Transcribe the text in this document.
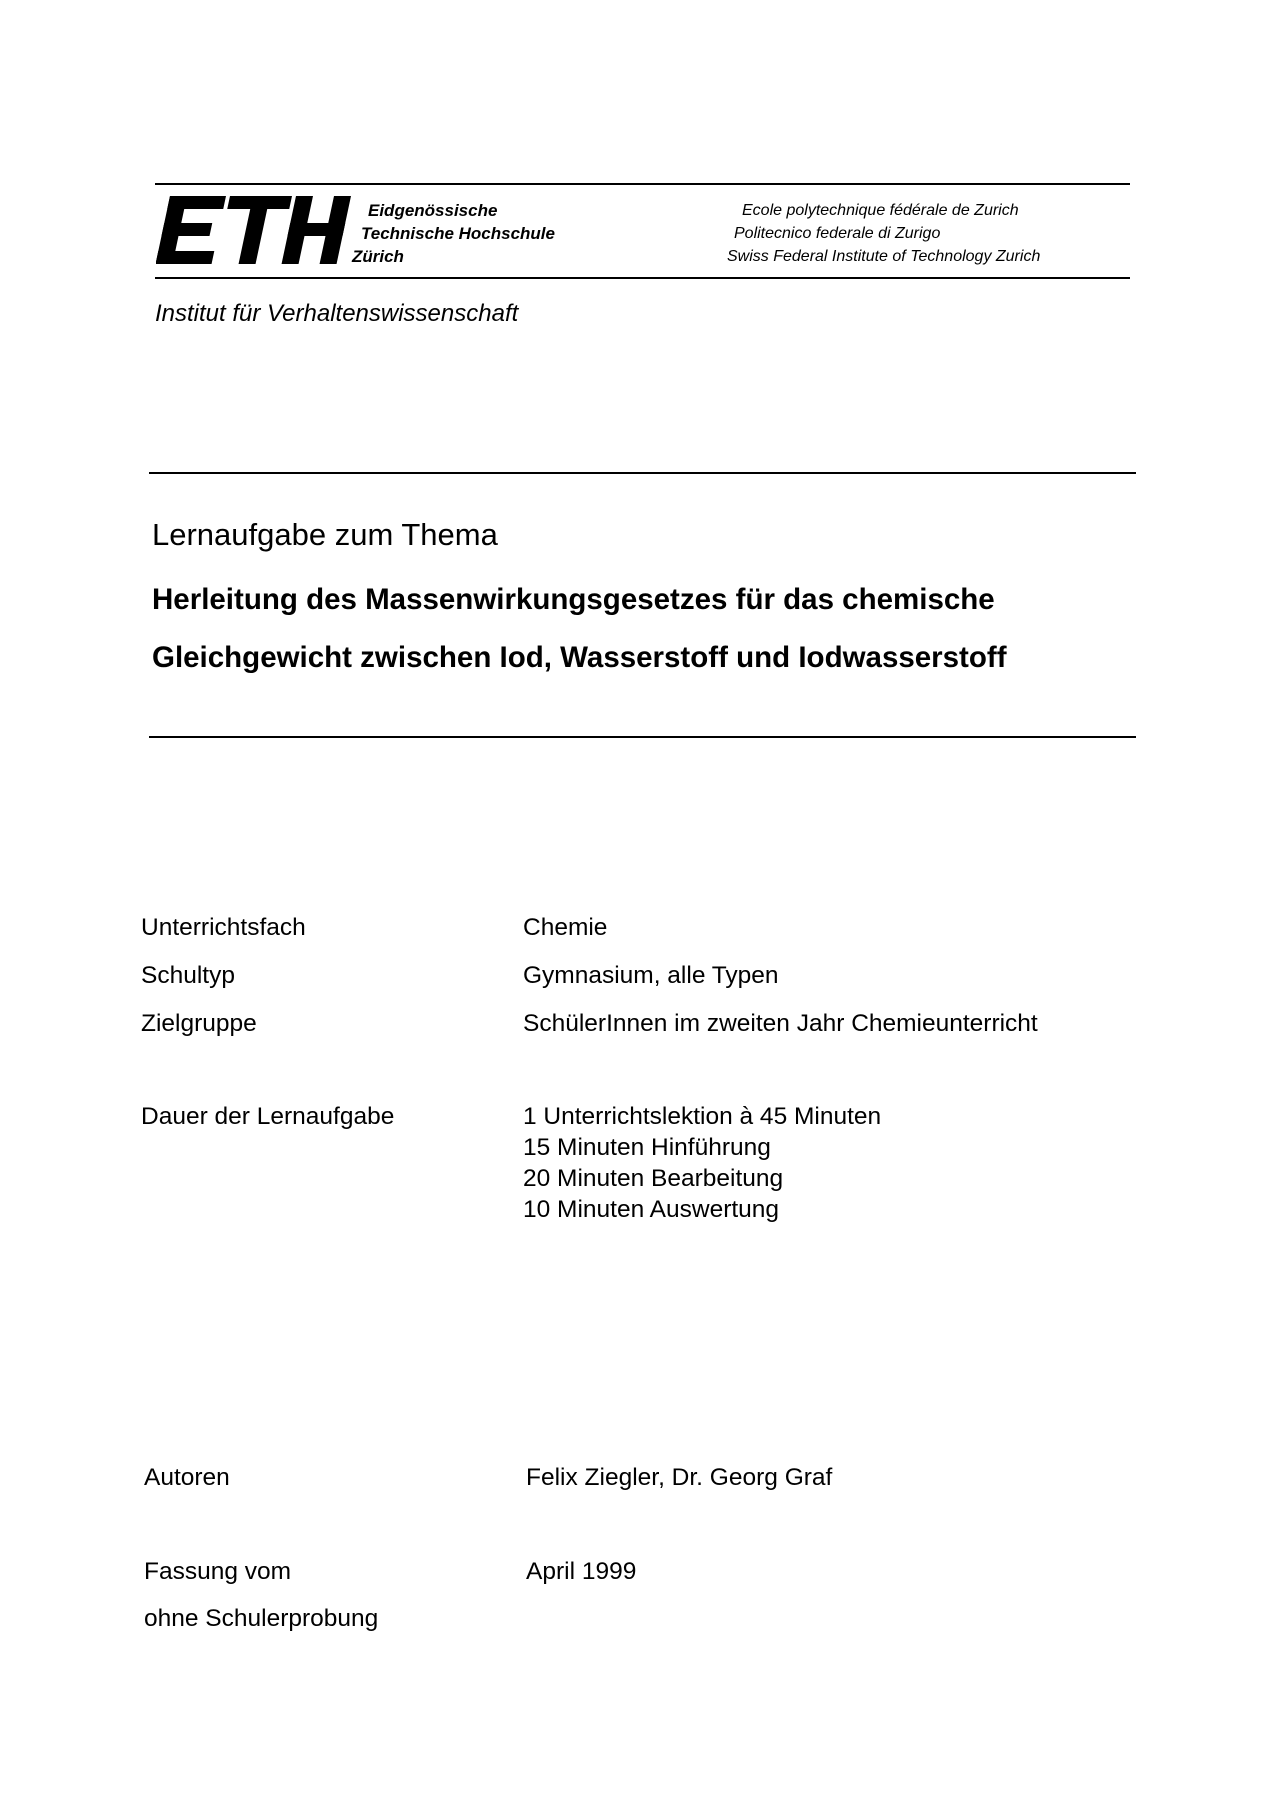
Eidgenössische
Technische Hochschule
Zürich
Ecole polytechnique fédérale de Zurich
Politecnico federale di Zurigo
Swiss Federal Institute of Technology Zurich
Institut für Verhaltenswissenschaft
Lernaufgabe zum Thema
Herleitung des Massenwirkungsgesetzes für das chemische
Gleichgewicht zwischen Iod, Wasserstoff und Iodwasserstoff
Unterrichtsfach	Chemie
Schultyp	Gymnasium, alle Typen
Zielgruppe	SchülerInnen im zweiten Jahr Chemieunterricht
Dauer der Lernaufgabe	1 Unterrichtslektion à 45 Minuten
15 Minuten Hinführung
20 Minuten Bearbeitung
10 Minuten Auswertung
Autoren	Felix Ziegler, Dr. Georg Graf
Fassung vom	April 1999
ohne Schulerprobung
